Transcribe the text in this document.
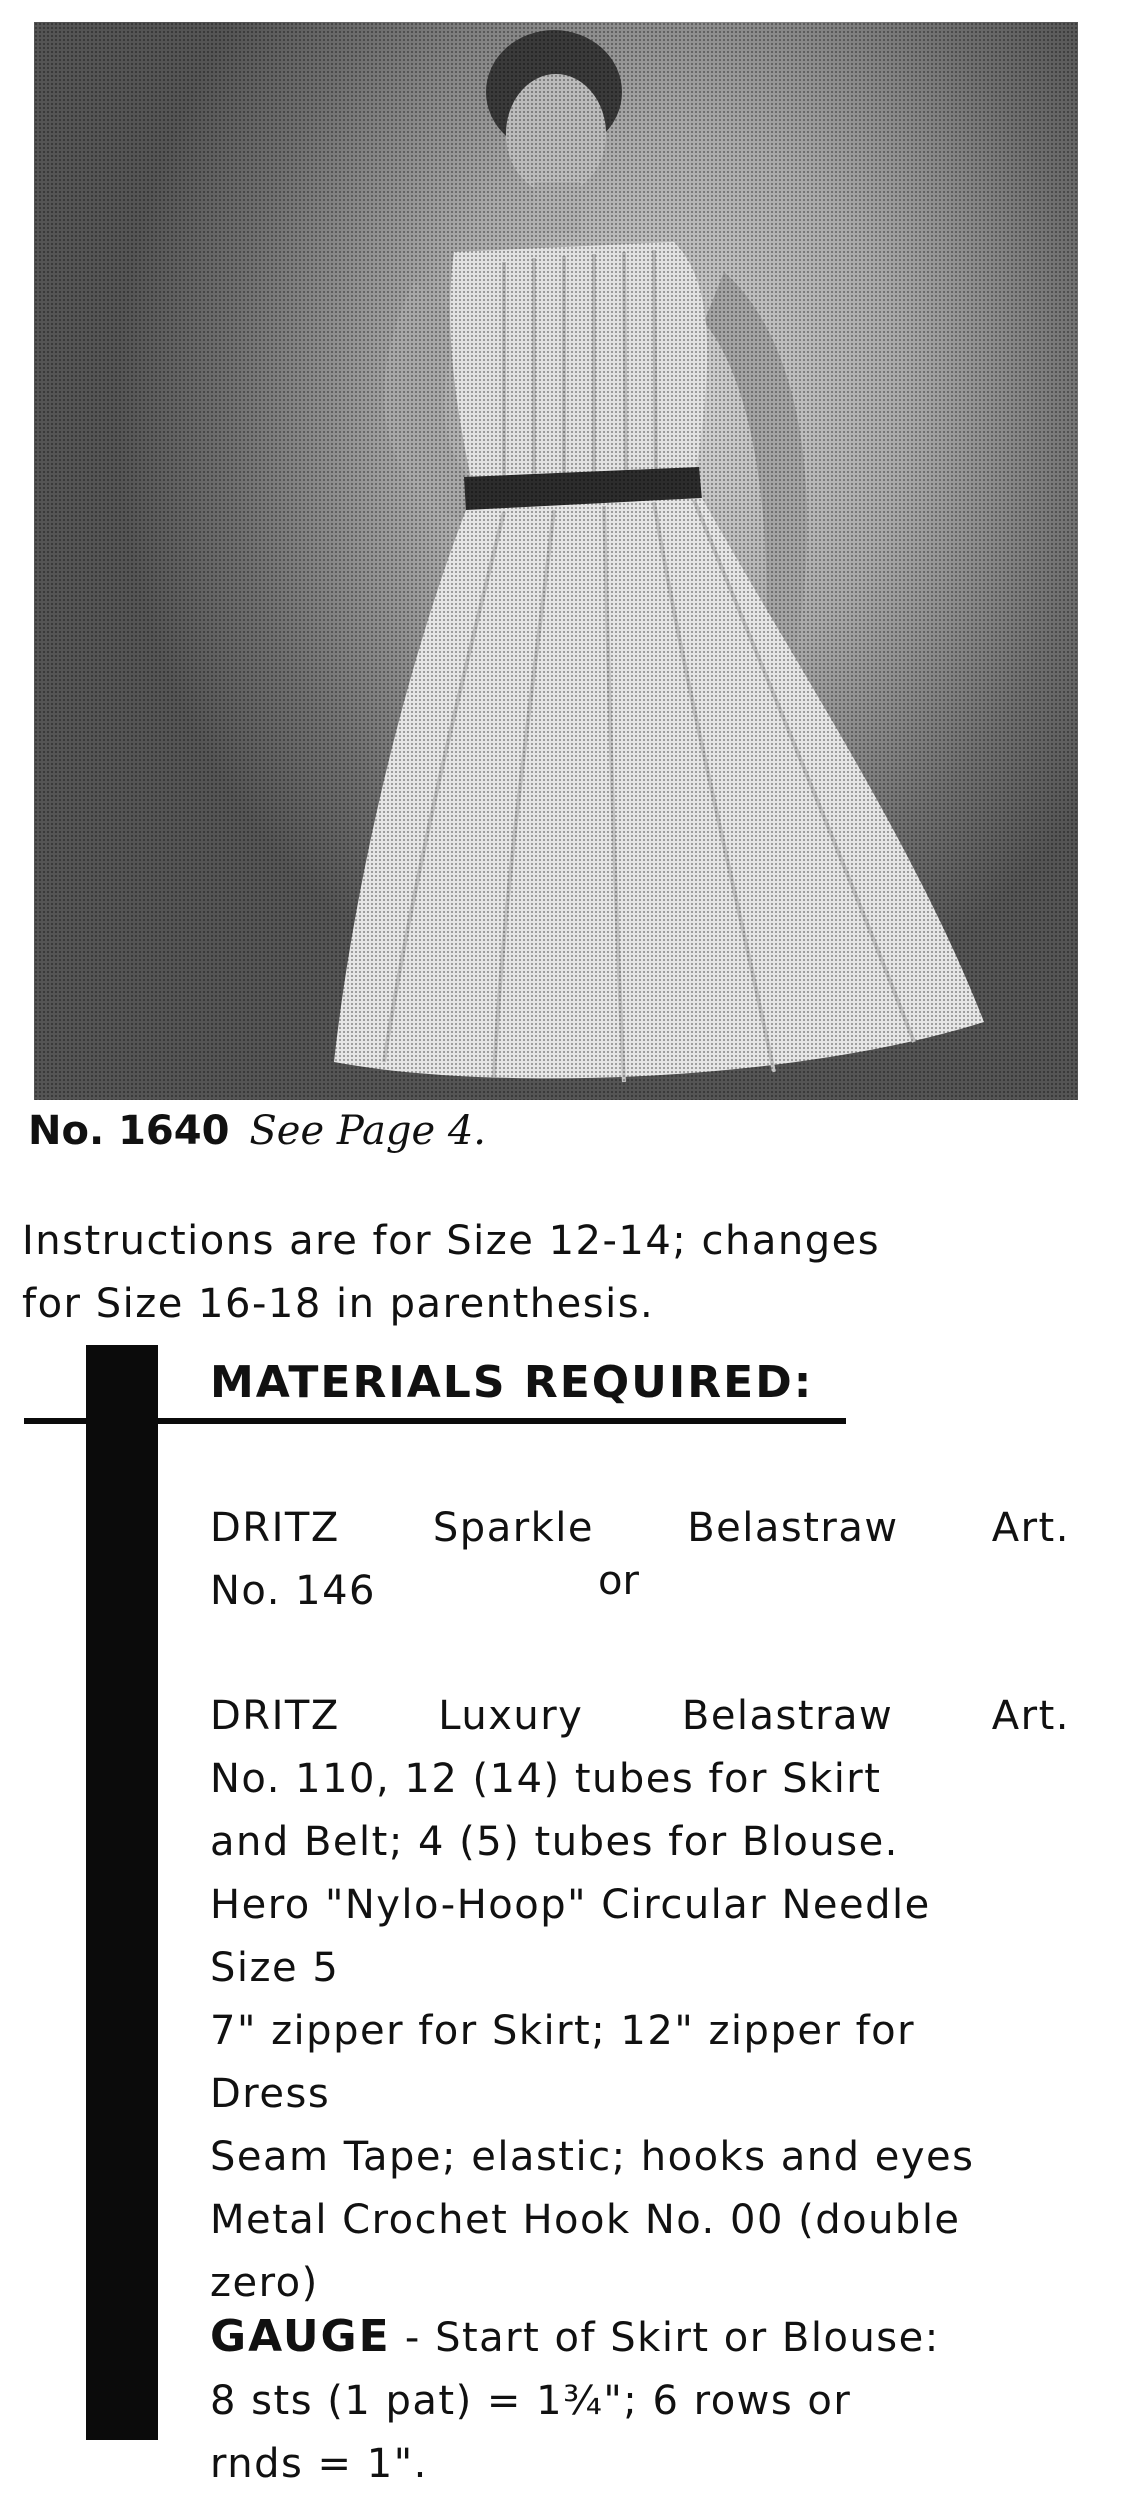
No. 1640 See Page 4.
Instructions are for Size 12-14; changes
for Size 16-18 in parenthesis.
MATERIALS REQUIRED:
DRITZ Sparkle Belastraw Art.
No. 146	or
DRITZ Luxury Belastraw Art.
No. 110, 12 (14) tubes for Skirt
and Belt; 4 (5) tubes for Blouse.
Hero "Nylo-Hoop" Circular Needle
Size 5
7" zipper for Skirt; 12" zipper for
Dress
Seam Tape; elastic; hooks and eyes
Metal Crochet Hook No. 00 (double
zero)
GAUGE - Start of Skirt or Blouse:
8 sts (1 pat) = 1¾"; 6 rows or
rnds = 1".
